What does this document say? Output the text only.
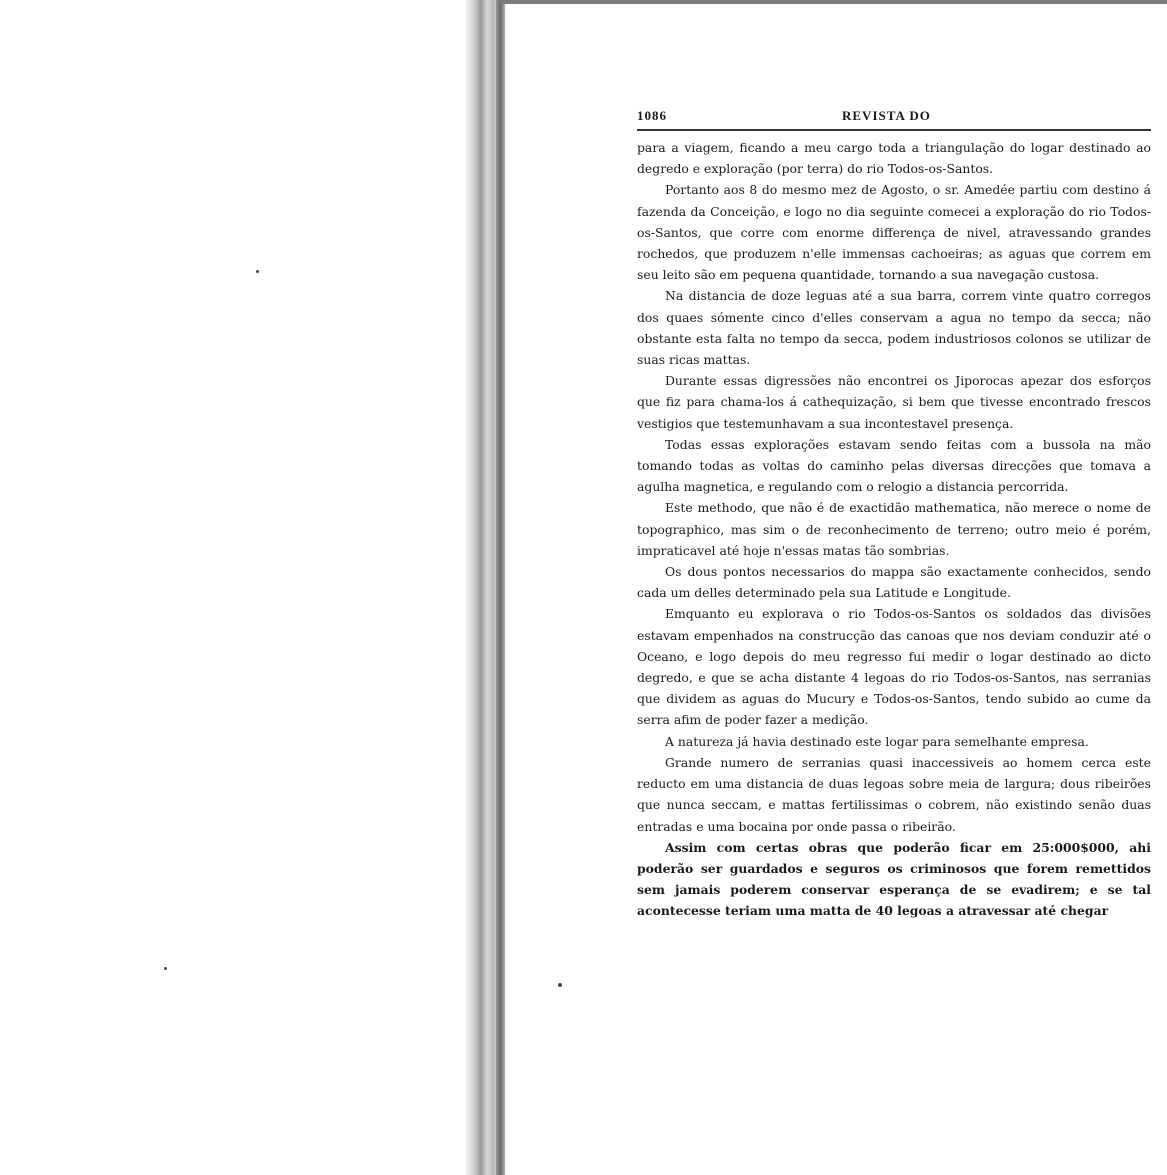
1086	REVISTA DO

para a viagem, ficando a meu cargo toda a triangulação do logar destinado ao degredo e exploração (por terra) do rio Todos-os-Santos.

Portanto aos 8 do mesmo mez de Agosto, o sr. Amedée partiu com destino á fazenda da Conceição, e logo no dia seguinte comecei a exploração do rio Todos-os-Santos, que corre com enorme differença de nivel, atravessando grandes rochedos, que produzem n'elle immensas cachoeiras; as aguas que correm em seu leito são em pequena quantidade, tornando a sua navegação custosa.

Na distancia de doze leguas até a sua barra, correm vinte quatro corregos dos quaes sómente cinco d'elles conservam a agua no tempo da secca; não obstante esta falta no tempo da secca, podem industriosos colonos se utilizar de suas ricas mattas.

Durante essas digressões não encontrei os Jiporocas apezar dos esforços que fiz para chama-los á cathequização, si bem que tivesse encontrado frescos vestigios que testemunhavam a sua incontestavel presença.

Todas essas explorações estavam sendo feitas com a bussola na mão tomando todas as voltas do caminho pelas diversas direcções que tomava a agulha magnetica, e regulando com o relogio a distancia percorrida.

Este methodo, que não é de exactidão mathematica, não merece o nome de topographico, mas sim o de reconhecimento de terreno; outro meio é porém, impraticavel até hoje n'essas matas tão sombrias.

Os dous pontos necessarios do mappa são exactamente conhecidos, sendo cada um delles determinado pela sua Latitude e Longitude.

Emquanto eu explorava o rio Todos-os-Santos os soldados das divisões estavam empenhados na construcção das canoas que nos deviam conduzir até o Oceano, e logo depois do meu regresso fui medir o logar destinado ao dicto degredo, e que se acha distante 4 legoas do rio Todos-os-Santos, nas serranias que dividem as aguas do Mucury e Todos-os-Santos, tendo subido ao cume da serra afim de poder fazer a medição.

A natureza já havia destinado este logar para semelhante empresa.

Grande numero de serranias quasi inaccessiveis ao homem cerca este reducto em uma distancia de duas legoas sobre meia de largura; dous ribeirões que nunca seccam, e mattas fertilissimas o cobrem, não existindo senão duas entradas e uma bocaina por onde passa o ribeirão.

Assim com certas obras que poderão ficar em 25:000$000, ahi poderão ser guardados e seguros os criminosos que forem remettidos sem jamais poderem conservar esperança de se evadirem; e se tal acontecesse teriam uma matta de 40 legoas a atravessar até chegar
